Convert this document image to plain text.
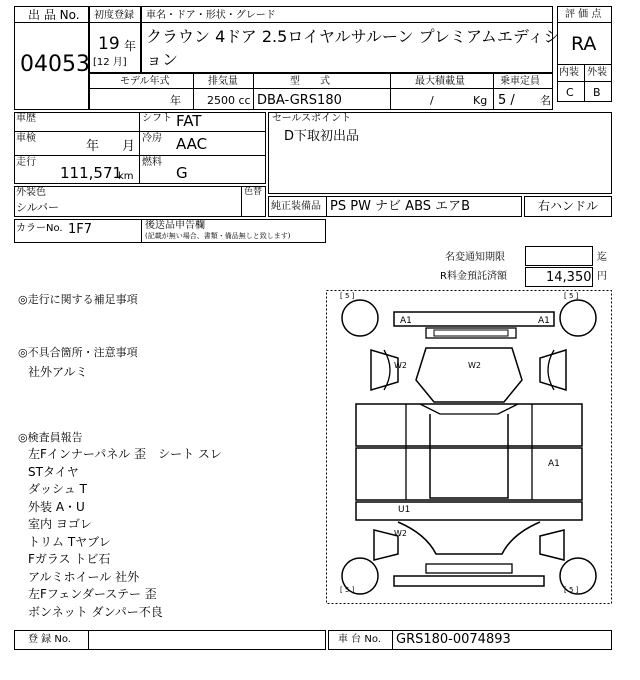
出 品 No.
04053
初度登録
19 年
[12 月]
車名・ドア・形状・グレード
クラウン 4ドア 2.5ロイヤルサルーン プレミアムエディシ
ョン
モデル年式
年
排気量
2500 cc
型　　式
DBA-GRS180
最大積載量
/	Kg
乗車定員
5 / 名
評 価 点
RA
内装 外装
C B
車歴
車検
年 月
走行
111,571
km
シフト FAT
冷房 AAC
燃料
G
セールスポイント
D下取初出品
外装色
シルバー
色替
純正装備品 PS PW ナビ ABS エアB	右ハンドル
カラーNo. 1F7	後送品申告欄
(記載が無い場合、書類・備品無しと致します)
名変通知期限	迄
R料金預託済額	14,350 円
◎走行に関する補足事項
◎不具合箇所・注意事項
社外アルミ
◎検査員報告
左Fインナーパネル 歪　シート スレ
STタイヤ
ダッシュ T
外装 A・U
室内 ヨゴレ
トリム Tヤブレ
Fガラス トビ石
アルミホイール 社外
左Fフェンダーステー 歪
ボンネット ダンパー不良
[ 5 ]	[ 5 ]
[ 5 ]	[ 5 ]
A1	A1
W2	W2
A1
U1
W2
登 録 No.	車 台 No. GRS180-0074893
